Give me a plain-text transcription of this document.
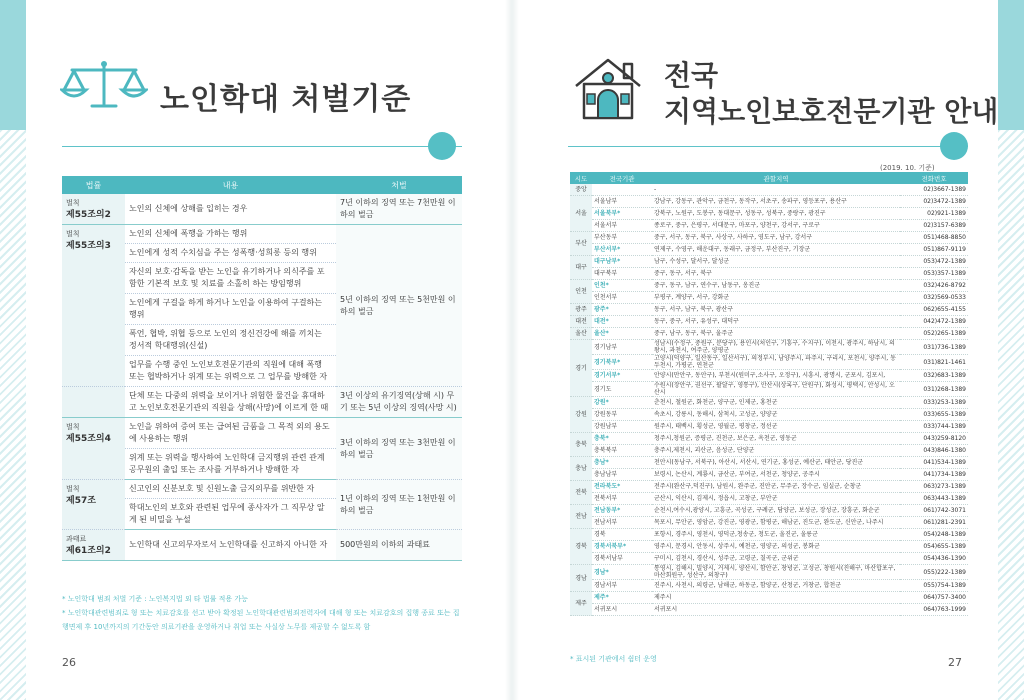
노인학대 처벌기준
법률	내용	처벌

벌칙
제55조의2	노인의 신체에 상해를 입히는 경우	7년 이하의 징역 또는 7천만원 이하의 벌금

벌칙
제55조의3	노인의 신체에 폭행을 가하는 행위	5년 이하의 징역 또는 5천만원 이하의 벌금
	노인에게 성적 수치심을 주는 성폭행·성희롱 등의 행위	
	자신의 보호·감독을 받는 노인을 유기하거나 의식주를 포함한 기본적 보호 및 치료를 소홀히 하는 방임행위	
	노인에게 구걸을 하게 하거나 노인을 이용하여 구걸하는 행위	
	폭언, 협박, 위협 등으로 노인의 정신건강에 해를 끼치는 정서적 학대행위(신설)	
	업무를 수행 중인 노인보호전문기관의 직원에 대해 폭행 또는 협박하거나 위계 또는 위력으로 그 업무를 방해한 자	
	단체 또는 다중의 위력을 보이거나 위험한 물건을 휴대하고 노인보호전문기관의 직원을 상해(사망)에 이르게 한 때	3년 이상의 유기징역(상해 시) 무기 또는 5년 이상의 징역(사망 시)

벌칙
제55조의4	노인을 위하여 증여 또는 급여된 금품을 그 목적 외의 용도에 사용하는 행위	3년 이하의 징역 또는 3천만원 이하의 벌금
	위계 또는 위력을 행사하여 노인학대 금지행위 관련 관계공무원의 출입 또는 조사를 거부하거나 방해한 자	

벌칙
제57조	신고인의 신분보호 및 신원노출 금지의무를 위반한 자	1년 이하의 징역 또는 1천만원 이하의 벌금
	학대노인의 보호와 관련된 업무에 종사자가 그 직무상 알게 된 비밀을 누설	

과태료
제61조의2	노인학대 신고의무자로서 노인학대를 신고하지 아니한 자	500만원의 이하의 과태료
* 노인학대 범죄 처벌 기준 : 노인복지법 외 타 법률 적용 가능
* 노인학대관련범죄로 형 또는 치료감호를 선고 받아 확정된 노인학대관련범죄전력자에 대해 형 또는 치료감호의 집행 종료 또는 집행면제 후 10년까지의 기간동안 의료기관을 운영하거나 취업 또는 사실상 노무를 제공할 수 없도록 함
26
전국
지역노인보호전문기관 안내
(2019. 10. 기준)
시도	전국기관	관할지역	전화번호
중앙		-	02)3667-1389
서울	서울남부	강남구, 강동구, 관악구, 금천구, 동작구, 서초구, 송파구, 영등포구, 용산구	02)3472-1389
	서울북부*	강북구, 노원구, 도봉구, 동대문구, 성동구, 성북구, 중랑구, 광진구	02)921-1389
	서울서부	종로구, 중구, 은평구, 서대문구, 마포구, 양천구, 강서구, 구로구	02)3157-6389
부산	부산동부	중구, 서구, 동구, 북구, 사상구, 사하구, 영도구, 남구, 강서구	051)468-8850
	부산서부*	연제구, 수영구, 해운대구, 동래구, 금정구, 부산진구, 기장군	051)867-9119
대구	대구남부*	남구, 수성구, 달서구, 달성군	053)472-1389
	대구북부	중구, 동구, 서구, 북구	053)357-1389
인천	인천*	중구, 동구, 남구, 연수구, 남동구, 옹진군	032)426-8792
	인천서부	부평구, 계양구, 서구, 강화군	032)569-0533
광주	광주*	동구, 서구, 남구, 북구, 광산구	062)655-4155
대전	대전*	동구, 중구, 서구, 유성구, 대덕구	042)472-1389
울산	울산*	중구, 남구, 동구, 북구, 울주군	052)265-1389
경기	경기남부	성남시(수정구, 중원구, 분당구), 용인시(처인구, 기흥구, 수지구), 이천시, 광주시, 하남시, 의왕시, 과천시, 여주군, 양평군	031)736-1389
	경기북부*	고양시(덕양구, 일산동구, 일산서구), 의정부시, 남양주시, 파주시, 구리시, 포천시, 양주시, 동두천시, 가평군, 연천군	031)821-1461
	경기서부*	안양시(만안구, 동안구), 부천시(원미구,소사구, 오정구), 시흥시, 광명시, 군포시, 김포시,	032)683-1389
	경기도	수원시(장안구, 권선구, 팔달구, 영통구), 안산시(상록구, 단원구), 화성시, 평택시, 안성시, 오산시	031)268-1389
강원	강원*	춘천시, 철원군, 화천군, 양구군, 인제군, 홍천군	033)253-1389
	강원동부	속초시, 강릉시, 동해시, 삼척시, 고성군, 양양군	033)655-1389
	강원남부	원주시, 태백시, 횡성군, 영월군, 평창군, 정선군	033)744-1389
충북	충북*	청주시,청원군, 증평군, 진천군, 보은군, 옥천군, 영동군	043)259-8120
	충북북부	충주시,제천시, 괴산군, 음성군, 단양군	043)846-1380
충남	충남*	천안시(동남구, 서북구), 아산시, 서산시, 연기군, 홍성군, 예산군, 태안군, 당진군	041)534-1389
	충남남부	보령시, 논산시, 계룡시, 금산군, 부여군, 서천군, 청양군, 공주시	041)734-1389
전북	전라북도*	전주시(완산구,덕진구), 남원시, 완주군, 진안군, 무주군, 장수군, 임실군, 순창군	063)273-1389
	전북서부	군산시, 익산시, 김제시, 정읍시, 고창군, 부안군	063)443-1389
전남	전남동부*	순천시,여수시,광양시, 고흥군, 곡성군, 구례군, 담양군, 보성군, 장성군, 장흥군, 화순군	061)742-3071
	전남서부	목포시, 무안군, 영암군, 강진군, 영광군, 함평군, 해남군, 진도군, 완도군, 신안군, 나주시	061)281-2391
경북	경북	포항시, 경주시, 영천시, 영덕군,청송군, 청도군, 울진군, 울릉군	054)248-1389
	경북서북부*	영주시, 문경시, 안동시, 상주시, 예천군, 영양군, 의성군, 봉화군	054)655-1389
	경북서남부	구미시, 김천시, 경산시, 성주군, 고령군, 칠곡군, 군위군	054)436-1390
경남	경남*	통영시, 김해시, 밀양시, 거제시, 양산시, 함안군, 창녕군, 고성군, 창원시(진해구, 마산합포구, 마산회원구, 성산구, 의창구)	055)222-1389
	경남서부	진주시, 사천시, 의령군, 남해군, 하동군, 함양군, 산청군, 거창군, 합천군	055)754-1389
제주	제주*	제주시	064)757-3400
	서귀포시	서귀포시	064)763-1999
* 표시된 기관에서 쉼터 운영	27
